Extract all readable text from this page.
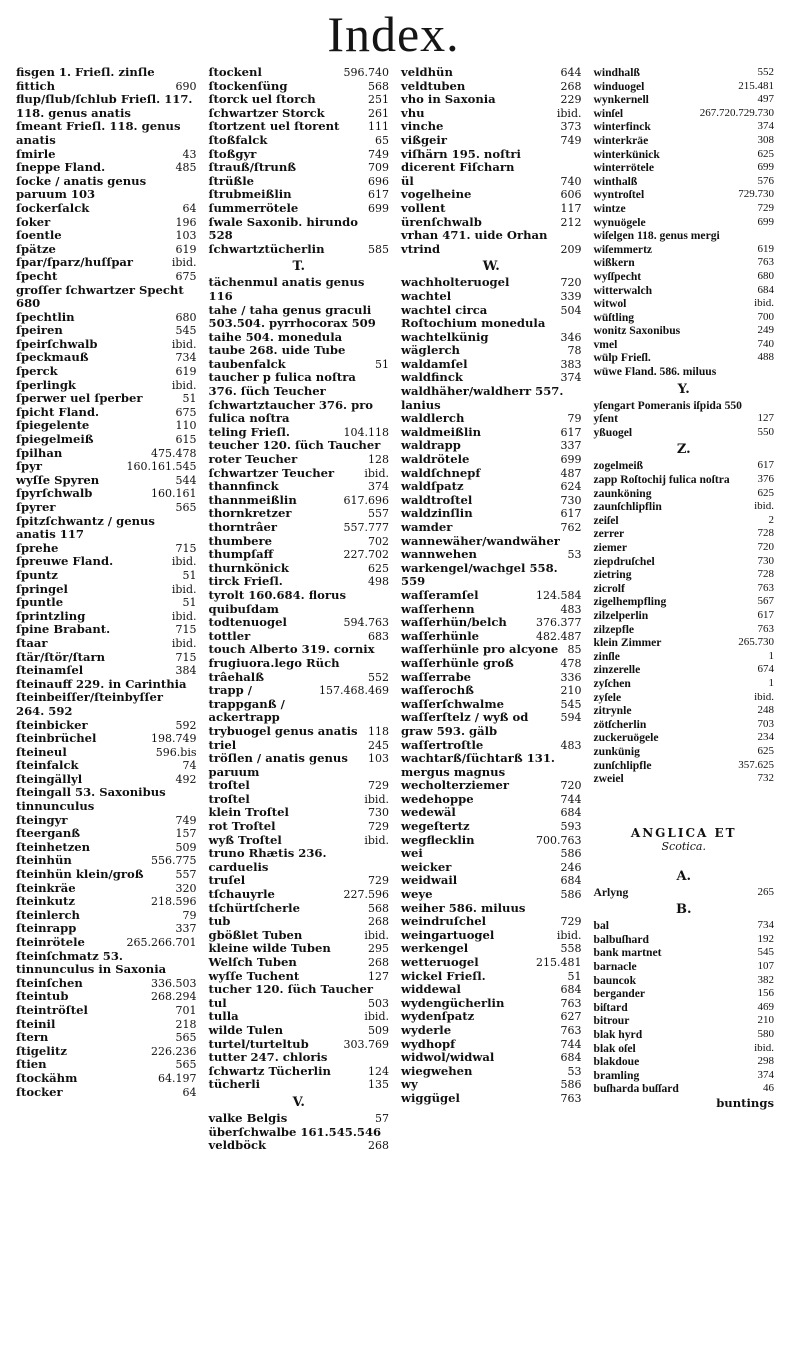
Index.
fisgen 1. Frieſl. zinſle
fittich	690
flup/ſlub/ſchlub Frieſl. 117. 118. genus anatis
ſmeant Frieſl. 118. genus anatis
ſmirle	43
ſneppe Fland.	485
ſocke / anatis genus paruum 103
ſockerſalck	64
ſoker	196
ſoentle	103
ſpätze	619
ſpar/ſparz/huſſpar	ibid.
ſpecht	675
groſſer ſchwartzer Specht 680
ſpechtlin	680
ſpeiren	545
ſpeirſchwalb	ibid.
ſpeckmauß	734
ſperck	619
ſperlingk	ibid.
ſperwer uel ſperber	51
ſpicht Fland.	675
ſpiegelente	110
ſpiegelmeiß	615
ſpilhan	475.478
ſpyr	160.161.545
wyſſe Spyren	544
ſpyrſchwalb	160.161
ſpyrer	565
ſpitzſchwantz / genus anatis 117
ſprehe	715
ſpreuwe Fland.	ibid.
ſpuntz	51
ſpringel	ibid.
ſpuntle	51
ſprintzling	ibid.
ſpine Brabant.	715
ſtaar	ibid.
ſtär/ſtör/ſtarn	715
ſteinamſel	384
ſteinauff 229. in Carinthia
ſteinbeiſſer/ſteinbyſſer 264. 592
ſteinbicker	592
ſteinbrüchel	198.749
ſteineul	596.bis
ſteinfalck	74
ſteingällyl	492
ſteingall 53. Saxonibus tinnunculus
ſteingyr	749
ſteerganß	157
ſteinhetzen	509
ſteinhün	556.775
ſteinhün klein/groß	557
ſteinkräe	320
ſteinkutz	218.596
ſteinlerch	79
ſteinrapp	337
ſteinrötele	265.266.701
ſteinſchmatz 53. tinnunculus in Saxonia
ſteinſchen	336.503
ſteintub	268.294
ſteintröſtel	701
ſteinil	218
ſtern	565
ſtigelitz	226.236
ſtien	565
ſtockähm	64.197
ſtocker	64
ſtockenl	596.740
ſtockenſüng	568
ſtorck uel ſtorch	251
ſchwartzer Storck	261
ſtortzent uel ſtorent	111
ſtoßfalck	65
ſtoßgyr	749
ſtrauß/ſtrunß	709
ſtrüßle	696
ſtrubmeißlin	617
ſummerrötele	699
ſwale Saxonib. hirundo 528
ſchwartztücherlin	585
T.
tächenmul anatis genus 116
tahe / taha genus graculi 503.504. pyrrhocorax 509
taihe 504. monedula
taube 268. uide Tube
taubenfalck	51
taucher p fulica noſtra 376. ſüch Teucher
ſchwartztaucher 376. pro fulica noſtra
teling Frieſl.	104.118
teucher 120. ſüch Taucher
roter Teucher	128
ſchwartzer Teucher	ibid.
thannfinck	374
thannmeißlin	617.696
thornkretzer	557
thorntrâer	557.777
thumbere	702
thumpſaff	227.702
thurnkönick	625
tirck Frieſl.	498
tyrolt 160.684. florus quibuſdam
todtenuogel	594.763
tottler	683
touch Alberto 319. cornix frugiuora.lego Rüch
trâehalß	552
trapp / trappganß / ackertrapp
157.468.469
trybuogel genus anatis 118
triel	245
tröſlen / anatis genus paruum
103
troſtel	729
troſtel	ibid.
klein Troſtel	730
rot Troſtel	729
wyß Troſtel	ibid.
truno Rhætis 236. carduelis
truſel	729
tſchauyrle	227.596
tſchürtſcherle	568
tub	268
gbößlet Tuben	ibid.
kleine wilde Tuben	295
Welſch Tuben	268
wyſſe Tuchent	127
tucher 120. ſüch Taucher
tul	503
tulla	ibid.
wilde Tulen	509
turtel/turteltub	303.769
tutter 247. chloris
ſchwartz Tücherlin	124
tücherli	135
V.
valke Belgis	57
überſchwalbe 161.545.546
veldböck	268
veldhün	644
veldtuben	268
vho in Saxonia	229
vhu	ibid.
vinche	373
vißgeir	749
viſhärn 195. noſtri dicerent Fiſcharn
ül	740
vogelheine	606
vollent	117
ürenſchwalb	212
vrhan 471. uide Orhan
vtrind	209
W.
wachholteruogel	720
wachtel	339
wachtel circa Roſtochium monedula
504
wachtelkünig	346
wäglerch	78
waldamſel	383
waldfinck	374
waldhäher/waldherr 557. lanius
waldlerch	79
waldmeißlin	617
waldrapp	337
waldrötele	699
waldſchnepf	487
waldſpatz	624
waldtroſtel	730
waldzinſlin	617
wamder	762
wannewäher/wandwäher
wannwehen	53
warkengel/wachgel 558. 559
waſſeramſel	124.584
waſſerhenn	483
waſſerhün/belch	376.377
waſſerhünle	482.487
waſſerhünle pro alcyone 85
waſſerhünle groß	478
waſſerrabe	336
waſſerochß	210
waſſerſchwalme	545
waſſerſtelz / wyß od graw 593. gälb
594
waſſertroſtle	483
wachtarß/ſüchtarß 131. mergus magnus
wecholterziemer	720
wedehoppe	744
wedewäl	684
wegeſtertz	593
wegflecklin	700.763
wei	586
weicker	246
weidwail	684
weye	586
weiher 586. miluus
weindruſchel	729
weingartuogel	ibid.
werkengel	558
wetteruogel	215.481
wickel Frieſl.	51
widdewal	684
wydengücherlin	763
wydenſpatz	627
wyderle	763
wydhopf	744
widwol/widwal	684
wiegwehen	53
wy	586
wiggügel	763
windhalß	552
winduogel	215.481
wynkernell	497
winſel	267.720.729.730
winterfinck	374
winterkräe	308
winterkünick	625
winterrötele	699
winthalß	576
wyntroſtel	729.730
wintze	729
wynuögele	699
wiſelgen 118. genus mergi
wiſemmertz	619
wißkern	763
wyſſpecht	680
witterwalch	684
witwol	ibid.
wüſtling	700
wonitz Saxonibus	249
vmel	740
wülp Frieſl.	488
wüwe Fland. 586. miluus
Y.
yſengart Pomeranis iſpida 550
yſent	127
yßuogel	550
Z.
zogelmeiß	617
zapp Roſtochij fulica noſtra	376
zaunköning	625
zaunſchlipflin	ibid.
zeiſel	2
zerrer	728
ziemer	720
ziepdruſchel	730
zietring	728
zicrolf	763
zigelhempfling	567
zilzelperlin	617
zilzepfle	763
klein Zimmer	265.730
zinſle	1
zinzerelle	674
zyſchen	1
zyſele	ibid.
zitrynle	248
zötſcherlin	703
zuckeruögele	234
zunkünig	625
zunſchlipfle	357.625
zweiel	732
ANGLICA ET
Scotica.
A.
Arlyng	265
B.
bal	734
balbuſhard	192
bank martnet	545
barnacle	107
bauncok	382
bergander	156
biſtard	469
bitrour	210
blak hyrd	580
blak oſel	ibid.
blakdoue	298
bramling	374
buſharda buſſard	46
buntings
